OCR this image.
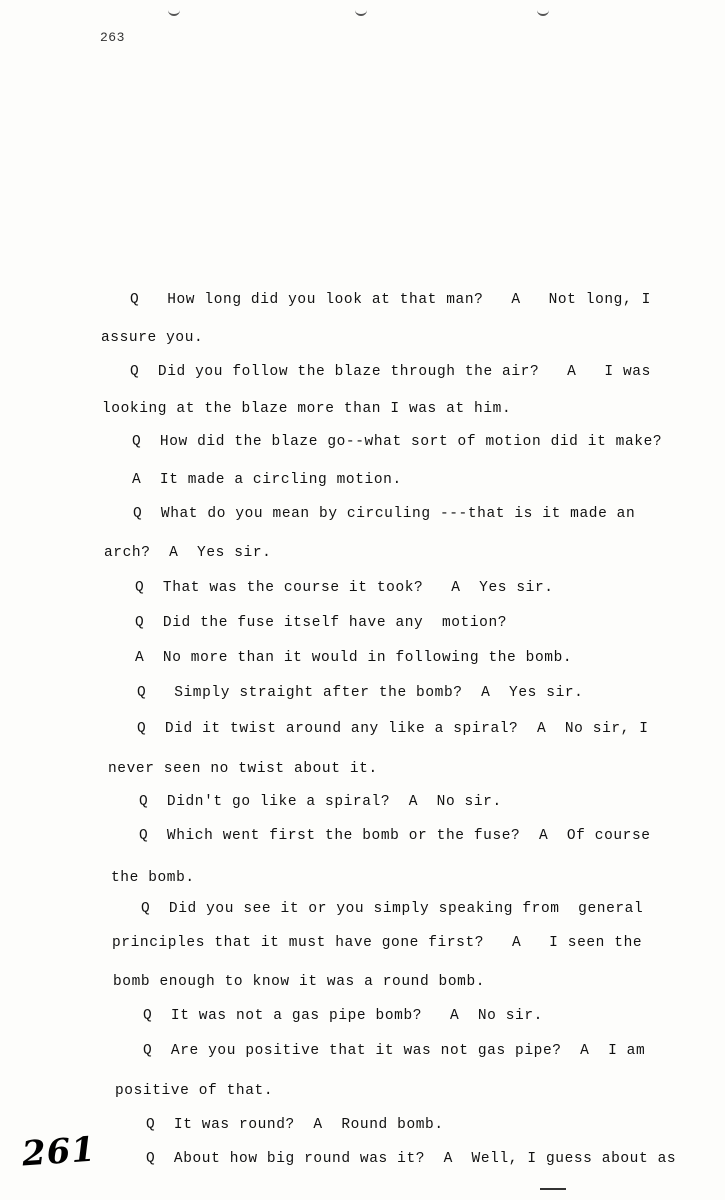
263
Q   How long did you look at that man?   A   Not long, I
assure you.
Q  Did you follow the blaze through the air?   A   I was
looking at the blaze more than I was at him.
Q  How did the blaze go--what sort of motion did it make?
A  It made a circling motion.
Q  What do you mean by circuling ---that is it made an
arch?  A  Yes sir.
Q  That was the course it took?   A  Yes sir.
Q  Did the fuse itself have any  motion?
A  No more than it would in following the bomb.
Q   Simply straight after the bomb?  A  Yes sir.
Q  Did it twist around any like a spiral?  A  No sir, I
never seen no twist about it.
Q  Didn't go like a spiral?  A  No sir.
Q  Which went first the bomb or the fuse?  A  Of course
the bomb.
Q  Did you see it or you simply speaking from  general
principles that it must have gone first?   A   I seen the
bomb enough to know it was a round bomb.
Q  It was not a gas pipe bomb?   A  No sir.
Q  Are you positive that it was not gas pipe?  A  I am
positive of that.
Q  It was round?  A  Round bomb.
Q  About how big round was it?  A  Well, I guess about as
261
